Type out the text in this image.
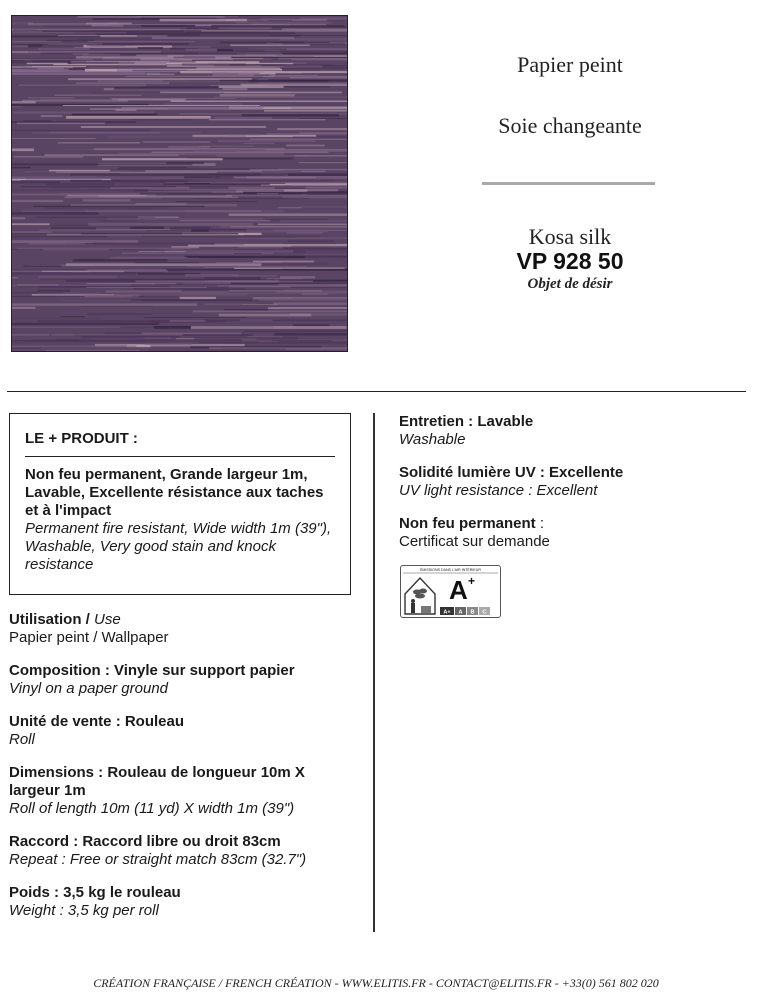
Papier peint
Soie changeante
Kosa silk
VP 928 50
Objet de désir
LE + PRODUIT :
Non feu permanent, Grande largeur 1m, Lavable, Excellente résistance aux taches et à l'impact
Permanent fire resistant, Wide width 1m (39"), Washable, Very good stain and knock resistance
Utilisation / Use
Papier peint / Wallpaper
Composition : Vinyle sur support papier
Vinyl on a paper ground
Unité de vente : Rouleau
Roll
Dimensions : Rouleau de longueur 10m X largeur 1m
Roll of length 10m (11 yd) X width 1m (39")
Raccord : Raccord libre ou droit 83cm
Repeat : Free or straight match 83cm (32.7")
Poids : 3,5 kg le rouleau
Weight : 3,5 kg per roll
Entretien : Lavable
Washable
Solidité lumière UV : Excellente
UV light resistance : Excellent
Non feu permanent :
Certificat sur demande
ÉMISSIONS DANS L'AIR INTÉRIEUR
A +
A+ A B C
CRÉATION FRANÇAISE / FRENCH CRÉATION - WWW.ELITIS.FR - CONTACT@ELITIS.FR - +33(0) 561 802 020
